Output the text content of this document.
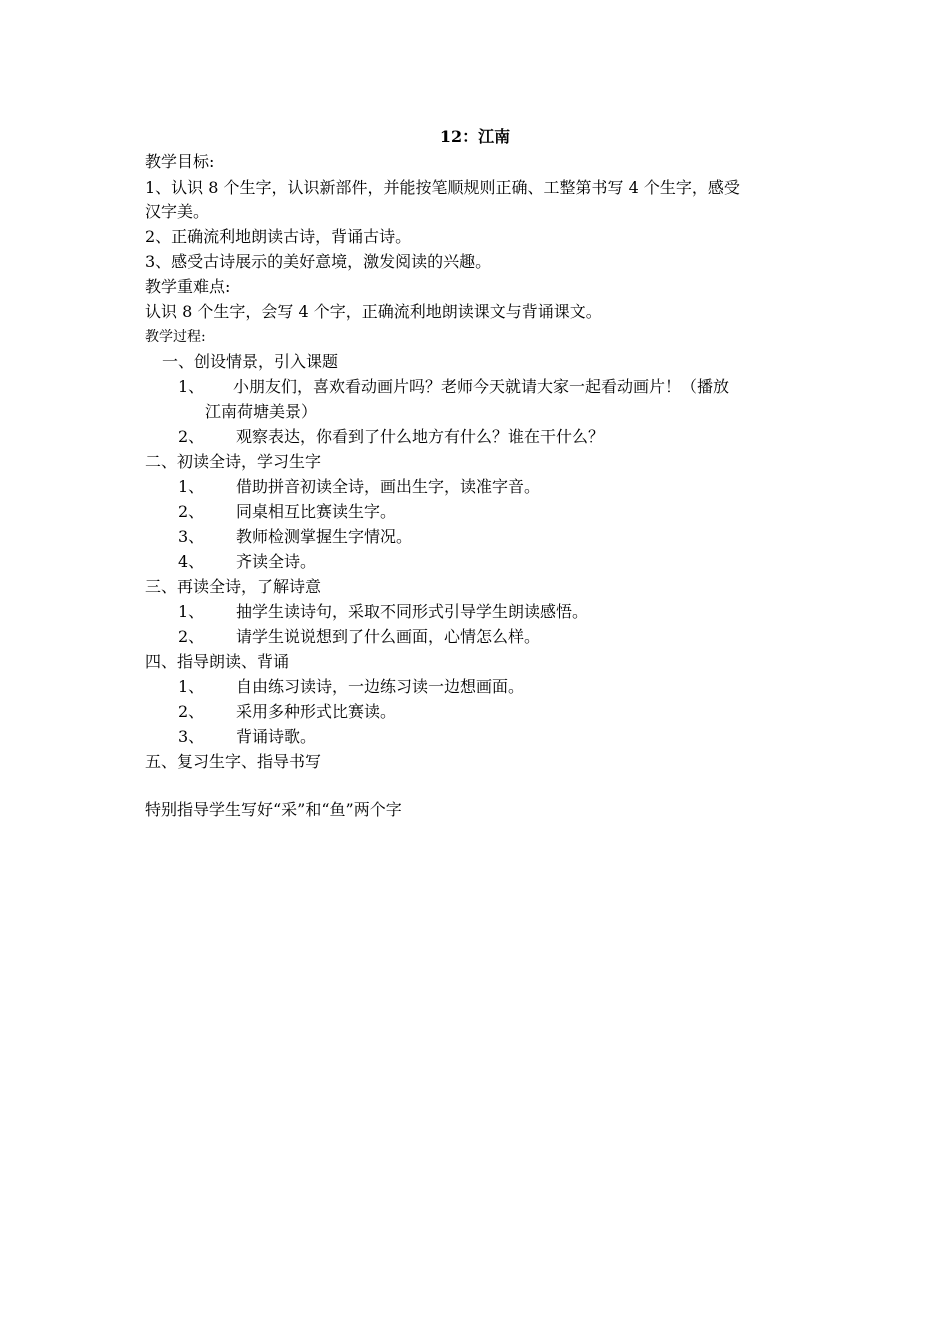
12：江南
教学目标:
1、认识 8 个生字，认识新部件，并能按笔顺规则正确、工整第书写 4 个生字，感受
汉字美。
2、正确流利地朗读古诗，背诵古诗。
3、感受古诗展示的美好意境，激发阅读的兴趣。
教学重难点:
认识 8 个生字，会写 4 个字，正确流利地朗读课文与背诵课文。
教学过程:
一、创设情景，引入课题
1、 小朋友们，喜欢看动画片吗？老师今天就请大家一起看动画片！（播放
江南荷塘美景）
2、 观察表达，你看到了什么地方有什么？谁在干什么？
二、初读全诗，学习生字
1、 借助拼音初读全诗，画出生字，读准字音。
2、 同桌相互比赛读生字。
3、 教师检测掌握生字情况。
4、 齐读全诗。
三、再读全诗，了解诗意
1、 抽学生读诗句，采取不同形式引导学生朗读感悟。
2、 请学生说说想到了什么画面，心情怎么样。
四、指导朗读、背诵
1、 自由练习读诗，一边练习读一边想画面。
2、 采用多种形式比赛读。
3、 背诵诗歌。
五、复习生字、指导书写
特别指导学生写好“采”和“鱼”两个字
